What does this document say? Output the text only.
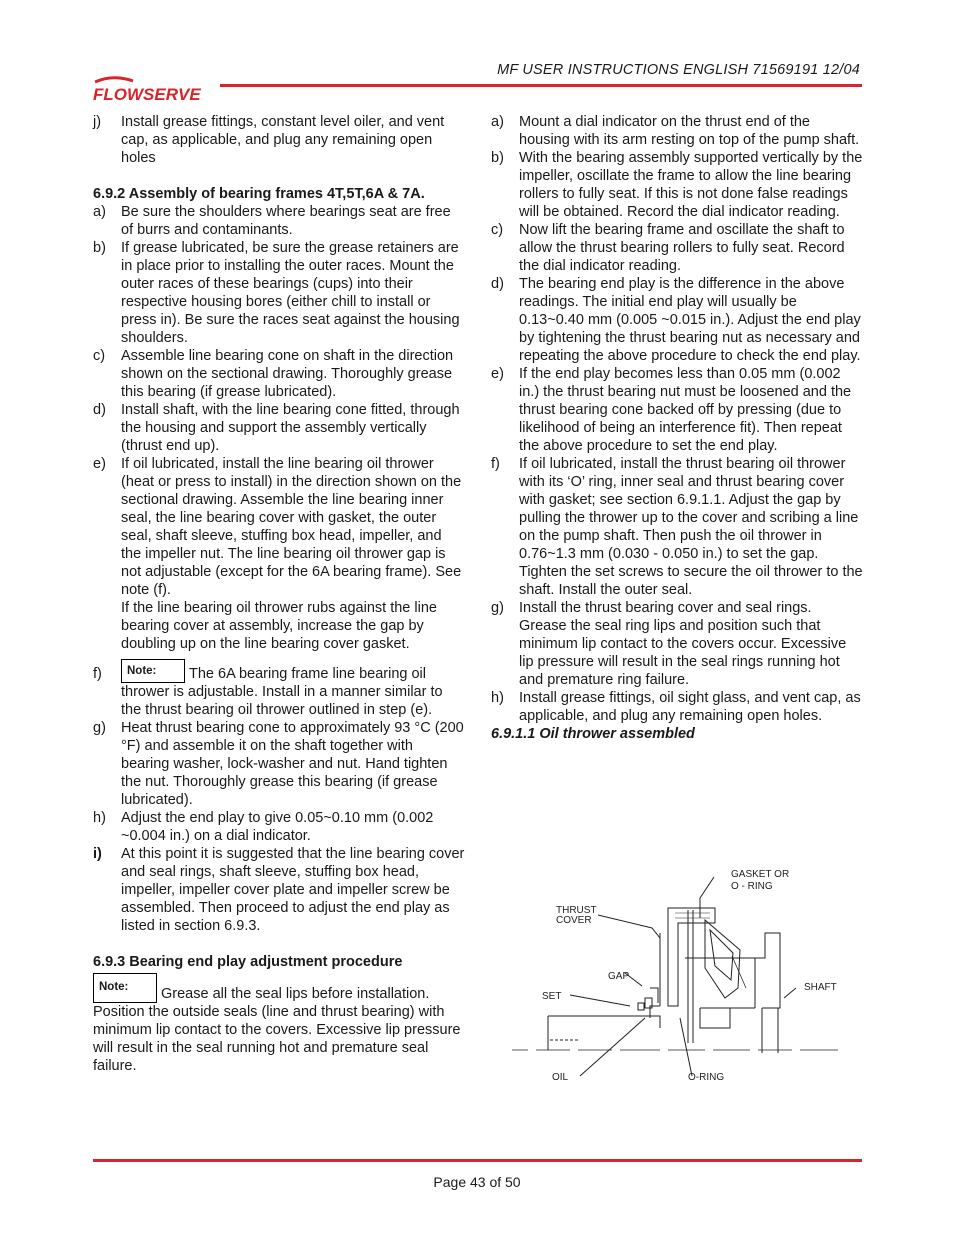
MF USER INSTRUCTIONS ENGLISH 71569191 12/04
FLOWSERVE
j) Install grease fittings, constant level oiler, and vent cap, as applicable, and plug any remaining open holes
6.9.2 Assembly of bearing frames 4T,5T,6A & 7A.
a) Be sure the shoulders where bearings seat are free of burrs and contaminants.
b) If grease lubricated, be sure the grease retainers are in place prior to installing the outer races. Mount the outer races of these bearings (cups) into their respective housing bores (either chill to install or press in). Be sure the races seat against the housing shoulders.
c) Assemble line bearing cone on shaft in the direction shown on the sectional drawing. Thoroughly grease this bearing (if grease lubricated).
d) Install shaft, with the line bearing cone fitted, through the housing and support the assembly vertically (thrust end up).
e) If oil lubricated, install the line bearing oil thrower (heat or press to install) in the direction shown on the sectional drawing. Assemble the line bearing inner seal, the line bearing cover with gasket, the outer seal, shaft sleeve, stuffing box head, impeller, and the impeller nut. The line bearing oil thrower gap is not adjustable (except for the 6A bearing frame). See note (f).
If the line bearing oil thrower rubs against the line bearing cover at assembly, increase the gap by doubling up on the line bearing cover gasket.
f) Note: The 6A bearing frame line bearing oil thrower is adjustable. Install in a manner similar to the thrust bearing oil thrower outlined in step (e).
g) Heat thrust bearing cone to approximately 93 °C (200 °F) and assemble it on the shaft together with bearing washer, lock-washer and nut. Hand tighten the nut. Thoroughly grease this bearing (if grease lubricated).
h) Adjust the end play to give 0.05~0.10 mm (0.002 ~0.004 in.) on a dial indicator.
i) At this point it is suggested that the line bearing cover and seal rings, shaft sleeve, stuffing box head, impeller, impeller cover plate and impeller screw be assembled. Then proceed to adjust the end play as listed in section 6.9.3.
6.9.3 Bearing end play adjustment procedure
Note: Grease all the seal lips before installation. Position the outside seals (line and thrust bearing) with minimum lip contact to the covers. Excessive lip pressure will result in the seal running hot and premature seal failure.
a) Mount a dial indicator on the thrust end of the housing with its arm resting on top of the pump shaft.
b) With the bearing assembly supported vertically by the impeller, oscillate the frame to allow the line bearing rollers to fully seat. If this is not done false readings will be obtained. Record the dial indicator reading.
c) Now lift the bearing frame and oscillate the shaft to allow the thrust bearing rollers to fully seat. Record the dial indicator reading.
d) The bearing end play is the difference in the above readings. The initial end play will usually be 0.13~0.40 mm (0.005 ~0.015 in.). Adjust the end play by tightening the thrust bearing nut as necessary and repeating the above procedure to check the end play.
e) If the end play becomes less than 0.05 mm (0.002 in.) the thrust bearing nut must be loosened and the thrust bearing cone backed off by pressing (due to likelihood of being an interference fit). Then repeat the above procedure to set the end play.
f) If oil lubricated, install the thrust bearing oil thrower with its ‘O’ ring, inner seal and thrust bearing cover with gasket; see section 6.9.1.1. Adjust the gap by pulling the thrower up to the cover and scribing a line on the pump shaft. Then push the oil thrower in 0.76~1.3 mm (0.030 - 0.050 in.) to set the gap. Tighten the set screws to secure the oil thrower to the shaft. Install the outer seal.
g) Install the thrust bearing cover and seal rings. Grease the seal ring lips and position such that minimum lip contact to the covers occur. Excessive lip pressure will result in the seal rings running hot and premature ring failure.
h) Install grease fittings, oil sight glass, and vent cap, as applicable, and plug any remaining open holes.
6.9.1.1 Oil thrower assembled
GASKET OR
O - RING
THRUST
COVER
GAP
SHAFT
SET
OIL	O-RING
Page 43 of 50
